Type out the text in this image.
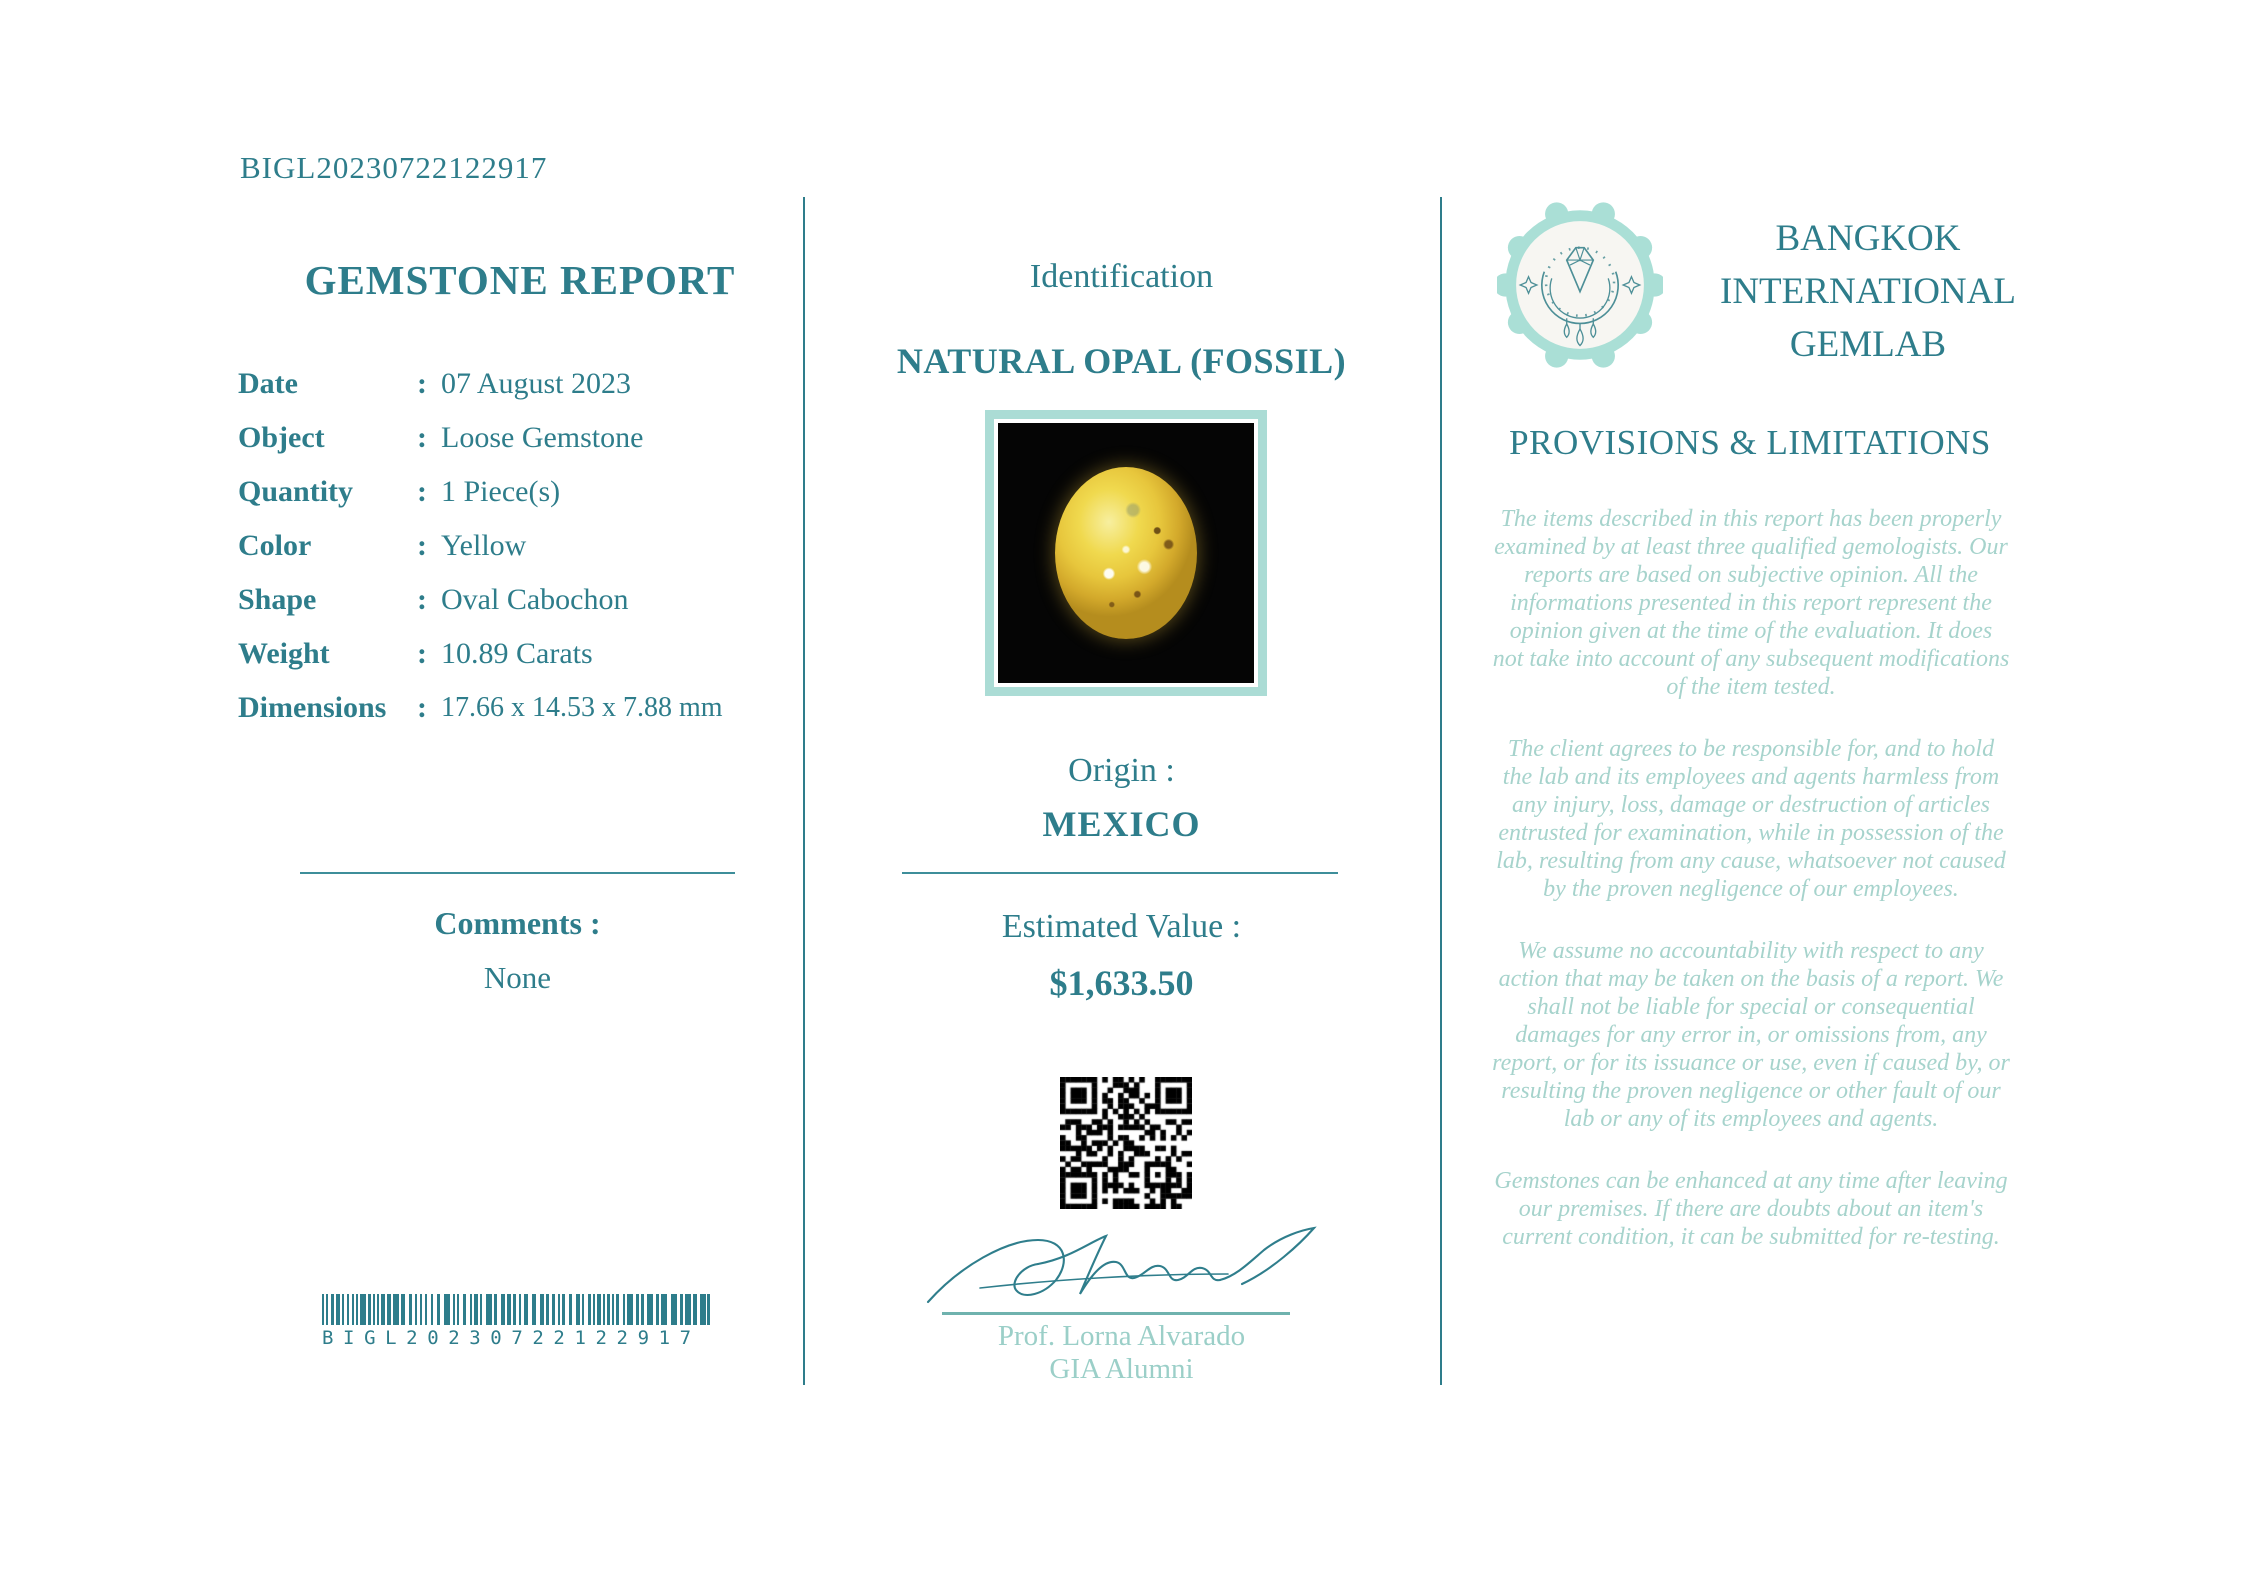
BIGL20230722122917
GEMSTONE REPORT
Date	: 07 August 2023
Object	: Loose Gemstone
Quantity	: 1 Piece(s)
Color	: Yellow
Shape	: Oval Cabochon
Weight	: 10.89 Carats
Dimensions	: 17.66 x 14.53 x 7.88 mm
Comments :
None
BIGL20230722122917
Identification
NATURAL OPAL (FOSSIL)
Origin :
MEXICO
Estimated Value :
$1,633.50
Prof. Lorna Alvarado
GIA Alumni
BANGKOK
INTERNATIONAL
GEMLAB
PROVISIONS & LIMITATIONS

The items described in this report has been properly examined by at least three qualified gemologists. Our reports are based on subjective opinion. All the informations presented in this report represent the opinion given at the time of the evaluation. It does not take into account of any subsequent modifications of the item tested.

The client agrees to be responsible for, and to hold the lab and its employees and agents harmless from any injury, loss, damage or destruction of articles entrusted for examination, while in possession of the lab, resulting from any cause, whatsoever not caused by the proven negligence of our employees.

We assume no accountability with respect to any action that may be taken on the basis of a report. We shall not be liable for special or consequential damages for any error in, or omissions from, any report, or for its issuance or use, even if caused by, or resulting the proven negligence or other fault of our lab or any of its employees and agents.

Gemstones can be enhanced at any time after leaving our premises. If there are doubts about an item's current condition, it can be submitted for re-testing.
